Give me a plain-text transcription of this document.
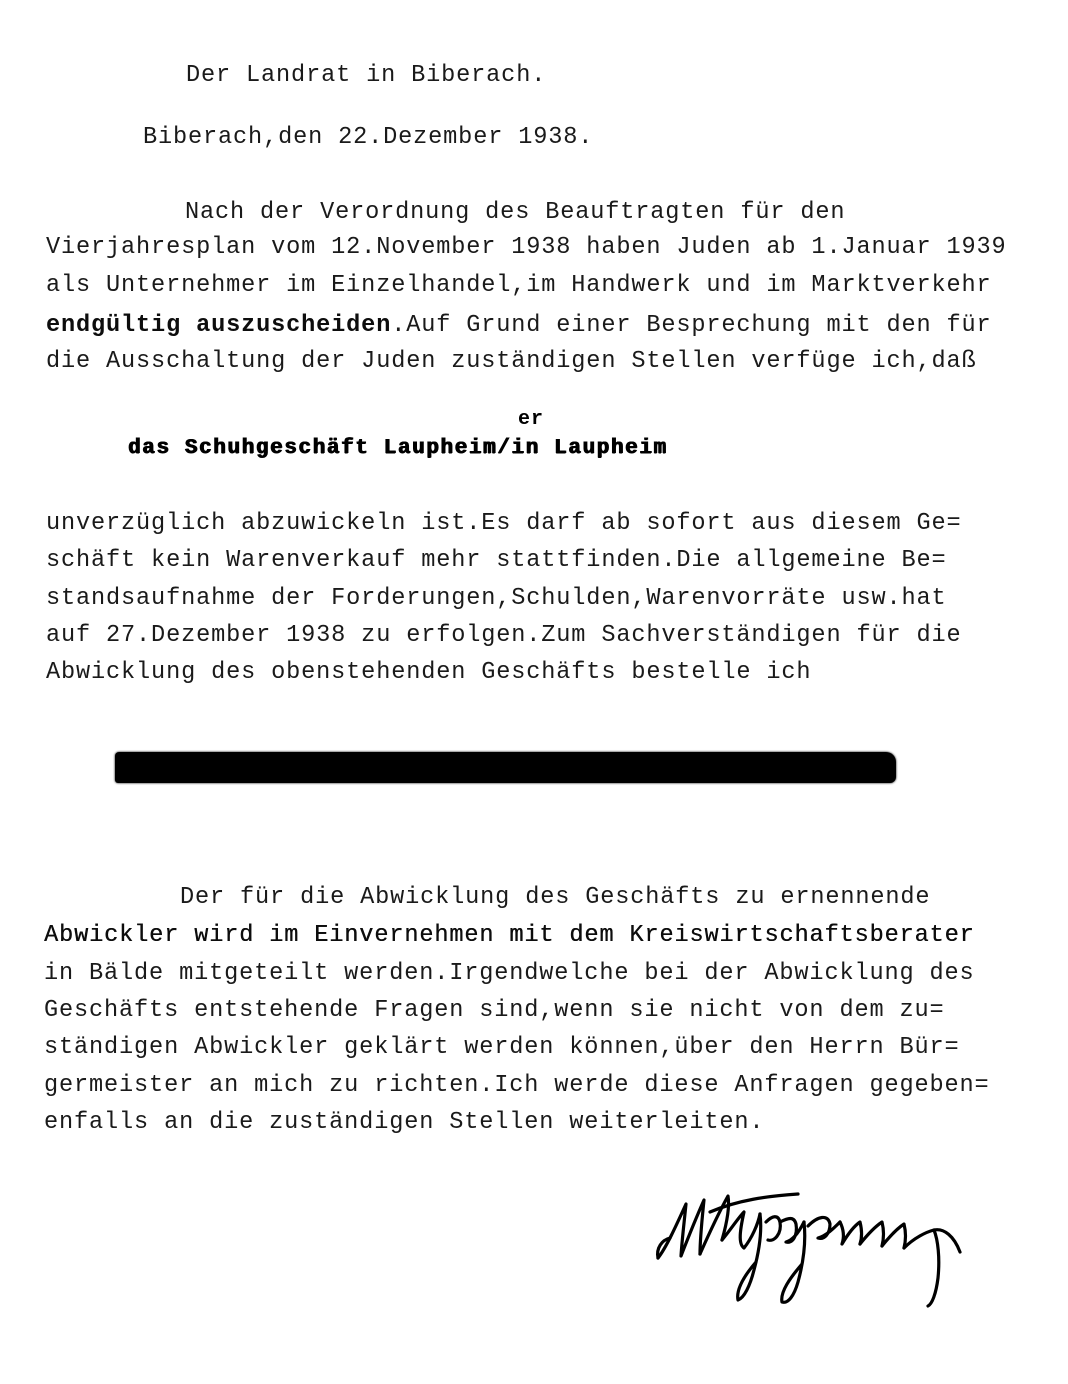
Der Landrat in Biberach.
Biberach,den 22.Dezember 1938.
Nach der Verordnung des Beauftragten für den
Vierjahresplan vom 12.November 1938 haben Juden ab 1.Januar 1939
als Unternehmer im Einzelhandel,im Handwerk und im Marktverkehr
endgültig auszuscheiden.Auf Grund einer Besprechung mit den für
die Ausschaltung der Juden zuständigen Stellen verfüge ich,daß
er
das Schuhgeschäft Laupheim/in Laupheim
unverzüglich abzuwickeln ist.Es darf ab sofort aus diesem Ge=
schäft kein Warenverkauf mehr stattfinden.Die allgemeine Be=
standsaufnahme der Forderungen,Schulden,Warenvorräte usw.hat
auf 27.Dezember 1938 zu erfolgen.Zum Sachverständigen für die
Abwicklung des obenstehenden Geschäfts bestelle ich
Der für die Abwicklung des Geschäfts zu ernennende
Abwickler wird im Einvernehmen mit dem Kreiswirtschaftsberater
in Bälde mitgeteilt werden.Irgendwelche bei der Abwicklung des
Geschäfts entstehende Fragen sind,wenn sie nicht von dem zu=
ständigen Abwickler geklärt werden können,über den Herrn Bür=
germeister an mich zu richten.Ich werde diese Anfragen gegeben=
enfalls an die zuständigen Stellen weiterleiten.
